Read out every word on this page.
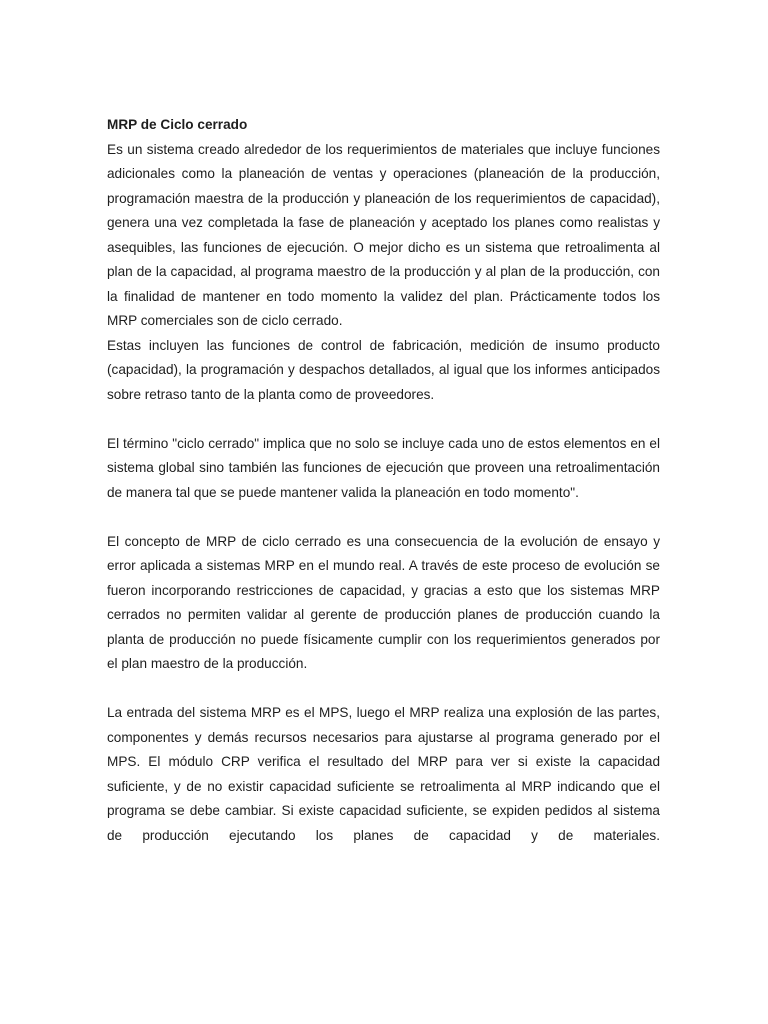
MRP de Ciclo cerrado

Es un sistema creado alrededor de los requerimientos de materiales que incluye funciones adicionales como la planeación de ventas y operaciones (planeación de la producción, programación maestra de la producción y planeación de los requerimientos de capacidad), genera una vez completada la fase de planeación y aceptado los planes como realistas y asequibles, las funciones de ejecución. O mejor dicho es un sistema que retroalimenta al plan de la capacidad, al programa maestro de la producción y al plan de la producción, con la finalidad de mantener en todo momento la validez del plan. Prácticamente todos los MRP comerciales son de ciclo cerrado.

Estas incluyen las funciones de control de fabricación, medición de insumo producto (capacidad), la programación y despachos detallados, al igual que los informes anticipados sobre retraso tanto de la planta como de proveedores.

El término "ciclo cerrado" implica que no solo se incluye cada uno de estos elementos en el sistema global sino también las funciones de ejecución que proveen una retroalimentación de manera tal que se puede mantener valida la planeación en todo momento".

El concepto de MRP de ciclo cerrado es una consecuencia de la evolución de ensayo y error aplicada a sistemas MRP en el mundo real. A través de este proceso de evolución se fueron incorporando restricciones de capacidad, y gracias a esto que los sistemas MRP cerrados no permiten validar al gerente de producción planes de producción cuando la planta de producción no puede físicamente cumplir con los requerimientos generados por el plan maestro de la producción.

La entrada del sistema MRP es el MPS, luego el MRP realiza una explosión de las partes, componentes y demás recursos necesarios para ajustarse al programa generado por el MPS. El módulo CRP verifica el resultado del MRP para ver si existe la capacidad suficiente, y de no existir capacidad suficiente se retroalimenta al MRP indicando que el programa se debe cambiar. Si existe capacidad suficiente, se expiden pedidos al sistema de producción ejecutando los planes de capacidad y de materiales.
